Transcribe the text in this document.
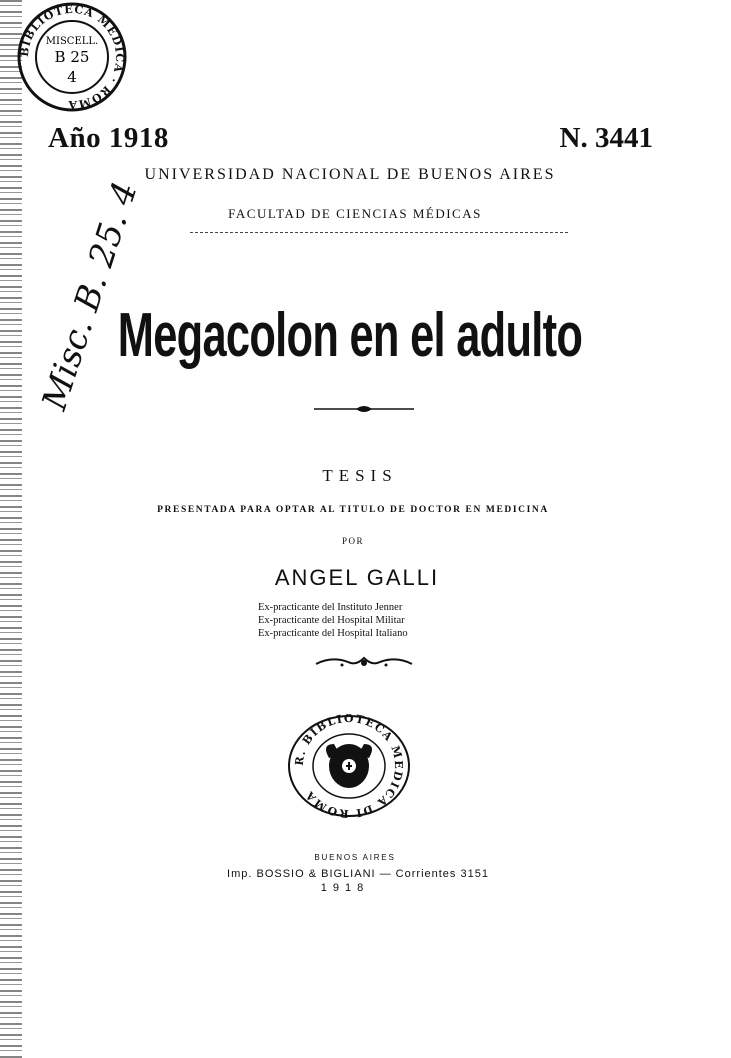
BIBLIOTECA MEDICA · ROMA
MISCELL.
B 25
4
Misc. B. 25. 4
Año 1918	N. 3441
UNIVERSIDAD NACIONAL DE BUENOS AIRES
FACULTAD DE CIENCIAS MÉDICAS
Megacolon en el adulto
TESIS
PRESENTADA PARA OPTAR AL TITULO DE DOCTOR EN MEDICINA
POR
ANGEL GALLI
Ex-practicante del Instituto Jenner
Ex-practicante del Hospital Militar
Ex-practicante del Hospital Italiano
R. BIBLIOTECA MEDICA DI ROMA
BUENOS AIRES
Imp. BOSSIO & BIGLIANI — Corrientes 3151
1918
